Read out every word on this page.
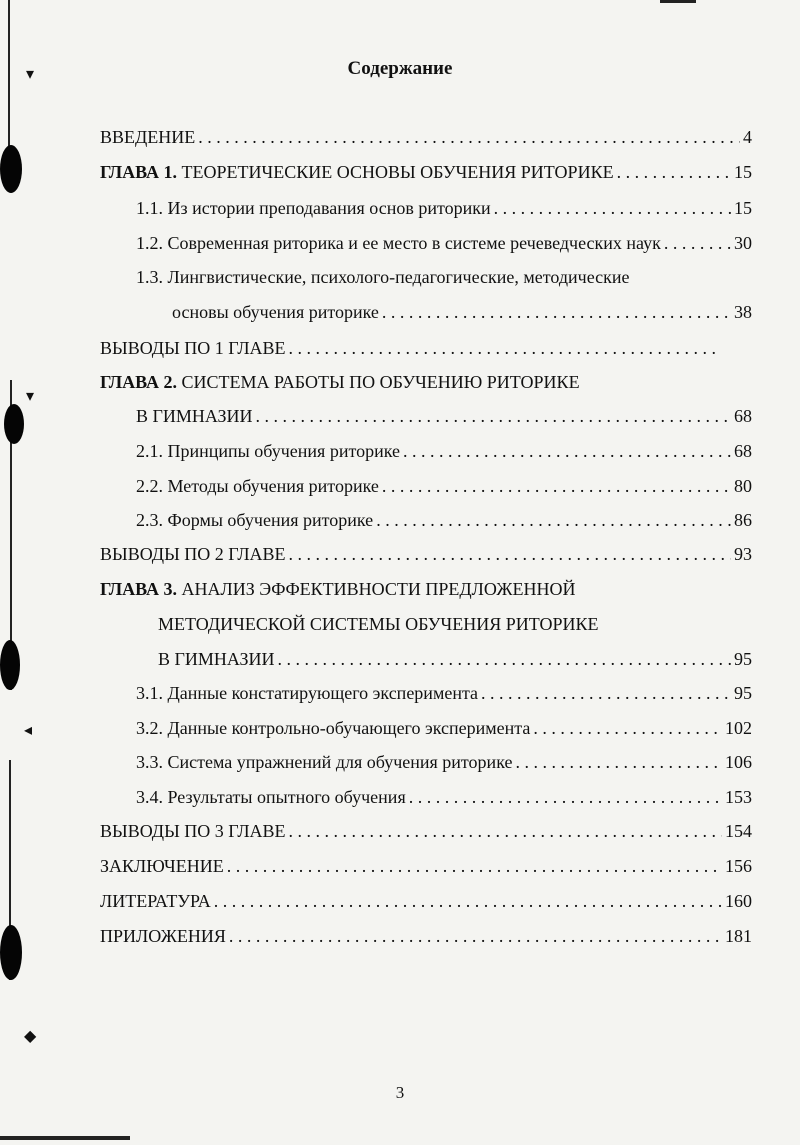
▾
▾
◂
◆
Содержание
ВВЕДЕНИЕ . . .	4
ГЛАВА 1. ТЕОРЕТИЧЕСКИЕ ОСНОВЫ ОБУЧЕНИЯ РИТОРИКЕ . . .	15
1.1. Из истории преподавания основ риторики . . .	15
1.2. Современная риторика и ее место в системе речеведческих наук . . .	30
1.3. Лингвистические, психолого-педагогические, методические
основы обучения риторике . . .	38
ВЫВОДЫ ПО 1 ГЛАВЕ
. . .
ГЛАВА 2. СИСТЕМА РАБОТЫ ПО ОБУЧЕНИЮ РИТОРИКЕ
В ГИМНАЗИИ . . .	68
2.1. Принципы обучения риторике . . .	68
2.2. Методы обучения риторике . . .	80
2.3. Формы обучения риторике . . .	86
ВЫВОДЫ ПО 2 ГЛАВЕ . . .	93
ГЛАВА 3. АНАЛИЗ ЭФФЕКТИВНОСТИ ПРЕДЛОЖЕННОЙ
МЕТОДИЧЕСКОЙ СИСТЕМЫ ОБУЧЕНИЯ РИТОРИКЕ
В ГИМНАЗИИ . . .	95
3.1. Данные констатирующего эксперимента . . .	95
3.2. Данные контрольно-обучающего эксперимента . . .	102
3.3. Система упражнений для обучения риторике . . .	106
3.4. Результаты опытного обучения . . .	153
ВЫВОДЫ ПО 3 ГЛАВЕ . . .	154
ЗАКЛЮЧЕНИЕ . . .	156
ЛИТЕРАТУРА . . .	160
ПРИЛОЖЕНИЯ . . .	181
3
